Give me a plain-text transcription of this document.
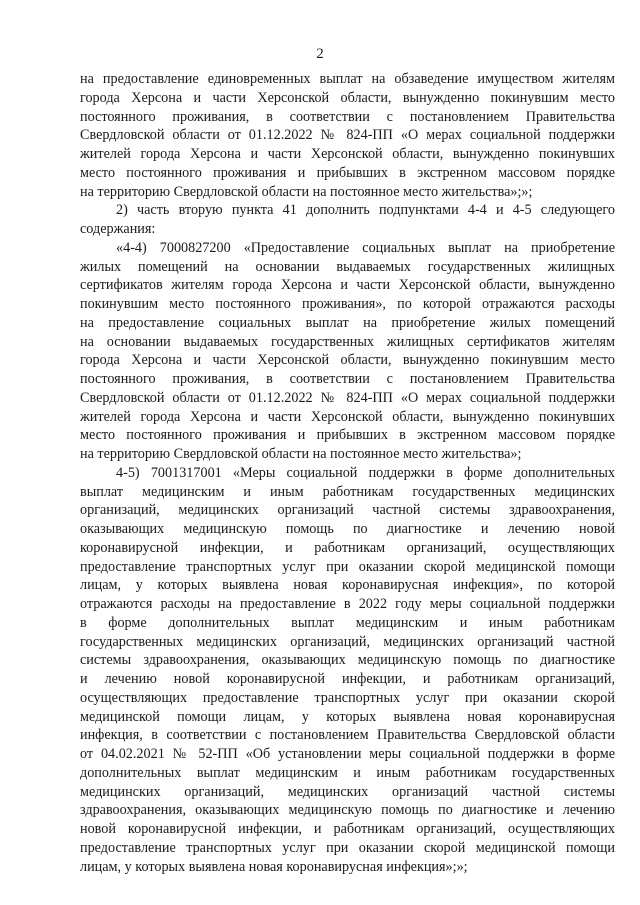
2
на предоставление единовременных выплат на обзаведение имуществом жителям
города Херсона и части Херсонской области, вынужденно покинувшим место
постоянного проживания, в соответствии с постановлением Правительства
Свердловской области от 01.12.2022 № 824-ПП «О мерах социальной поддержки
жителей города Херсона и части Херсонской области, вынужденно покинувших
место постоянного проживания и прибывших в экстренном массовом порядке
на территорию Свердловской области на постоянное место жительства»;»;
2) часть вторую пункта 41 дополнить подпунктами 4-4 и 4-5 следующего
содержания:
«4-4) 7000827200 «Предоставление социальных выплат на приобретение
жилых помещений на основании выдаваемых государственных жилищных
сертификатов жителям города Херсона и части Херсонской области, вынужденно
покинувшим место постоянного проживания», по которой отражаются расходы
на предоставление социальных выплат на приобретение жилых помещений
на основании выдаваемых государственных жилищных сертификатов жителям
города Херсона и части Херсонской области, вынужденно покинувшим место
постоянного проживания, в соответствии с постановлением Правительства
Свердловской области от 01.12.2022 № 824-ПП «О мерах социальной поддержки
жителей города Херсона и части Херсонской области, вынужденно покинувших
место постоянного проживания и прибывших в экстренном массовом порядке
на территорию Свердловской области на постоянное место жительства»;
4-5) 7001317001 «Меры социальной поддержки в форме дополнительных
выплат медицинским и иным работникам государственных медицинских
организаций, медицинских организаций частной системы здравоохранения,
оказывающих медицинскую помощь по диагностике и лечению новой
коронавирусной инфекции, и работникам организаций, осуществляющих
предоставление транспортных услуг при оказании скорой медицинской помощи
лицам, у которых выявлена новая коронавирусная инфекция», по которой
отражаются расходы на предоставление в 2022 году меры социальной поддержки
в форме дополнительных выплат медицинским и иным работникам
государственных медицинских организаций, медицинских организаций частной
системы здравоохранения, оказывающих медицинскую помощь по диагностике
и лечению новой коронавирусной инфекции, и работникам организаций,
осуществляющих предоставление транспортных услуг при оказании скорой
медицинской помощи лицам, у которых выявлена новая коронавирусная
инфекция, в соответствии с постановлением Правительства Свердловской области
от 04.02.2021 № 52-ПП «Об установлении меры социальной поддержки в форме
дополнительных выплат медицинским и иным работникам государственных
медицинских организаций, медицинских организаций частной системы
здравоохранения, оказывающих медицинскую помощь по диагностике и лечению
новой коронавирусной инфекции, и работникам организаций, осуществляющих
предоставление транспортных услуг при оказании скорой медицинской помощи
лицам, у которых выявлена новая коронавирусная инфекция»;»;
